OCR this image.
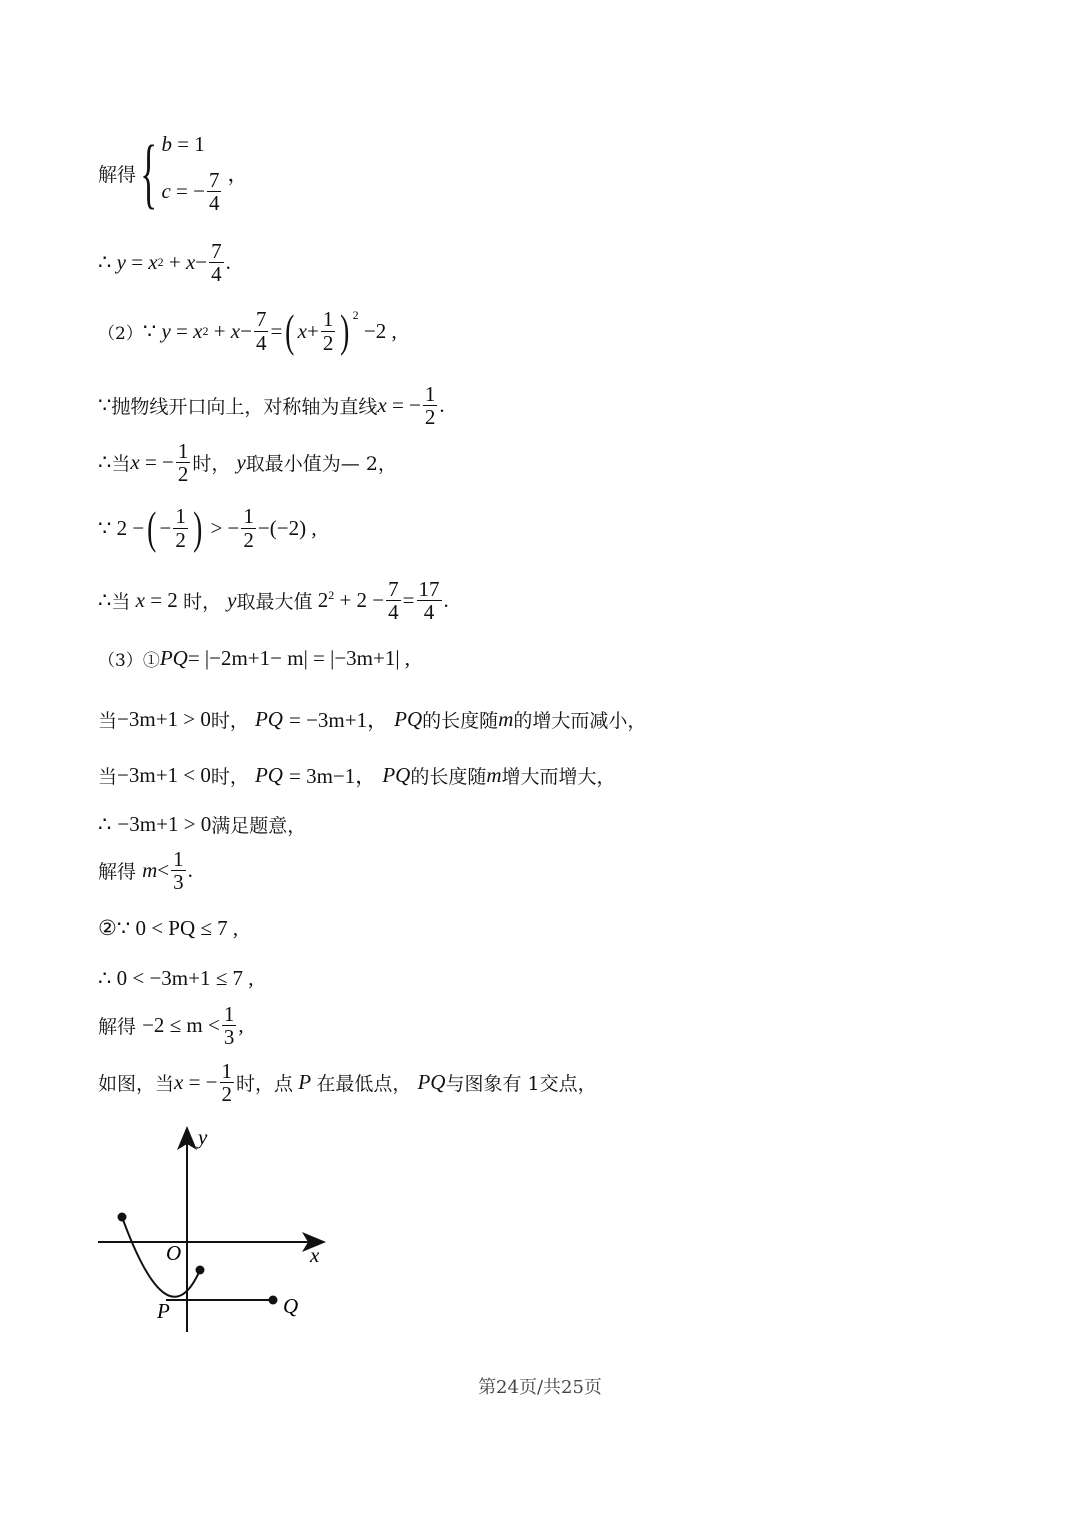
解得 { b = 1
c
= − $\frac{7}{4}$ ，
∴
y = x $2 + x - \frac{7}{4}$ .
（2） ∵
y = x $2 + x - \frac{7}{4}$ = ( $x + \frac{1}{2}$ ) $^2$
−2 ,
∵ 抛物线开口向上，对称轴为直线 x = − $\frac{1}{2}$ .
∴ 当 x = − $\frac{1}{2}$ 时，
y 取最小值为— 2，
∵ 2 − ( − $\frac{1}{2}$ ) > − $\frac{1}{2} -(-2)$ ,
∴ 当 x = 2 时，
y 取最大值 $2^2 + 2 - \frac{7}{4} = \frac{17}{4}$ .
（3）① PQ = |−2m+1− m| = |−3m+1| ,
当 −3m+1 > 0 时，
PQ
= −3m+1，
PQ 的长度随 m 的增大而减小，
当 −3m+1 < 0 时，
PQ
= 3m−1，
PQ 的长度随 m 增大而增大，
∴
−3m+1 > 0 满足题意，
解得
$m< \frac{1}{3}$ .
②∵
0 < PQ ≤ 7 ,
∴
0 < −3m+1 ≤ 7 ,
解得
$-2 \le m < \frac{1}{3}$ ,
如图，当 x = − $\frac{1}{2}$ 时，点 P 在最低点，
PQ 与图象有 1交点，
y
x
O
P	Q
第24页/共25页
